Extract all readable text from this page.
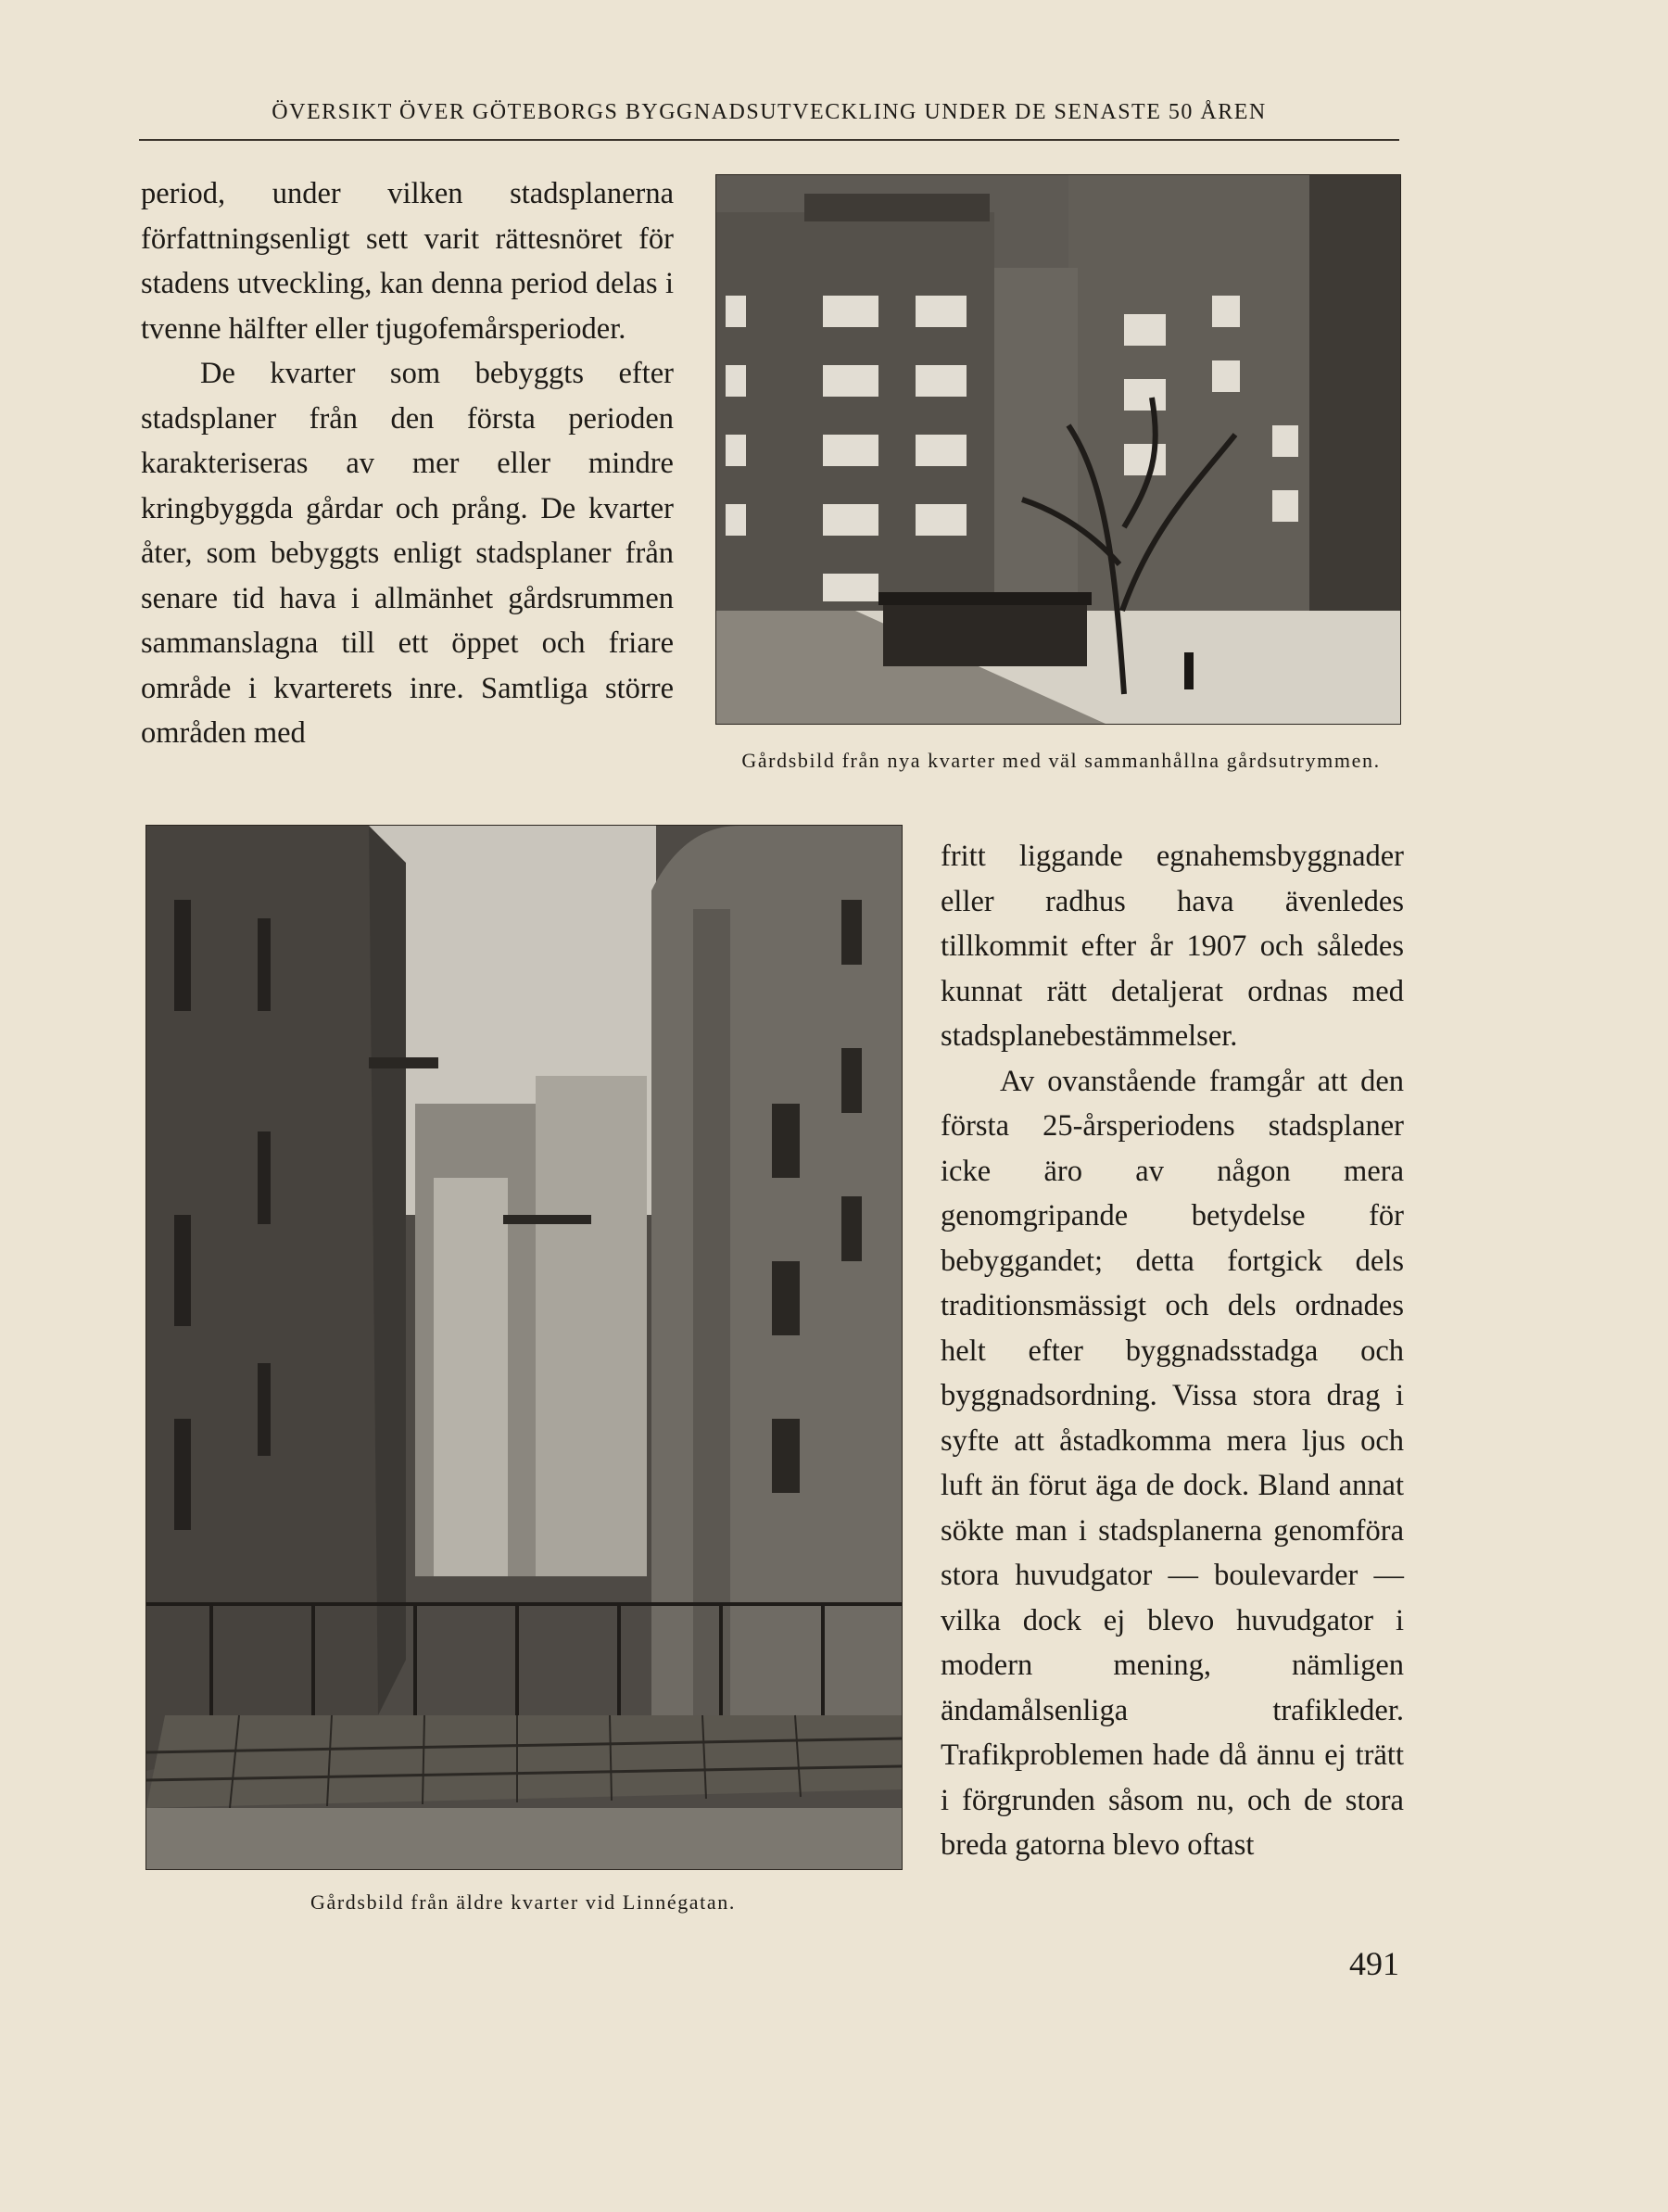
ÖVERSIKT ÖVER GÖTEBORGS BYGGNADSUTVECKLING UNDER DE SENASTE 50 ÅREN

period, under vilken stadsplanerna författningsenligt sett varit rättesnöret för stadens utveckling, kan denna period delas i tvenne hälfter eller tjugofemårsperioder.

De kvarter som bebyggts efter stadsplaner från den första perioden karakteriseras av mer eller mindre kringbyggda gårdar och prång. De kvarter åter, som bebyggts enligt stadsplaner från senare tid hava i allmänhet gårdsrummen sammanslagna till ett öppet och friare område i kvarterets inre. Samtliga större områden med

Gårdsbild från nya kvarter med väl sammanhållna gårdsutrymmen.
Gårdsbild från äldre kvarter vid Linnégatan.

fritt liggande egnahemsbyggnader eller radhus hava ävenledes tillkommit efter år 1907 och således kunnat rätt detaljerat ordnas med stadsplanebestämmelser.

Av ovanstående framgår att den första 25-årsperiodens stadsplaner icke äro av någon mera genomgripande betydelse för bebyggandet; detta fortgick dels traditionsmässigt och dels ordnades helt efter byggnadsstadga och byggnadsordning. Vissa stora drag i syfte att åstadkomma mera ljus och luft än förut äga de dock. Bland annat sökte man i stadsplanerna genomföra stora huvudgator — boulevarder — vilka dock ej blevo huvudgator i modern mening, nämligen ändamålsenliga trafikleder. Trafikproblemen hade då ännu ej trätt i förgrunden såsom nu, och de stora breda gatorna blevo oftast

491
